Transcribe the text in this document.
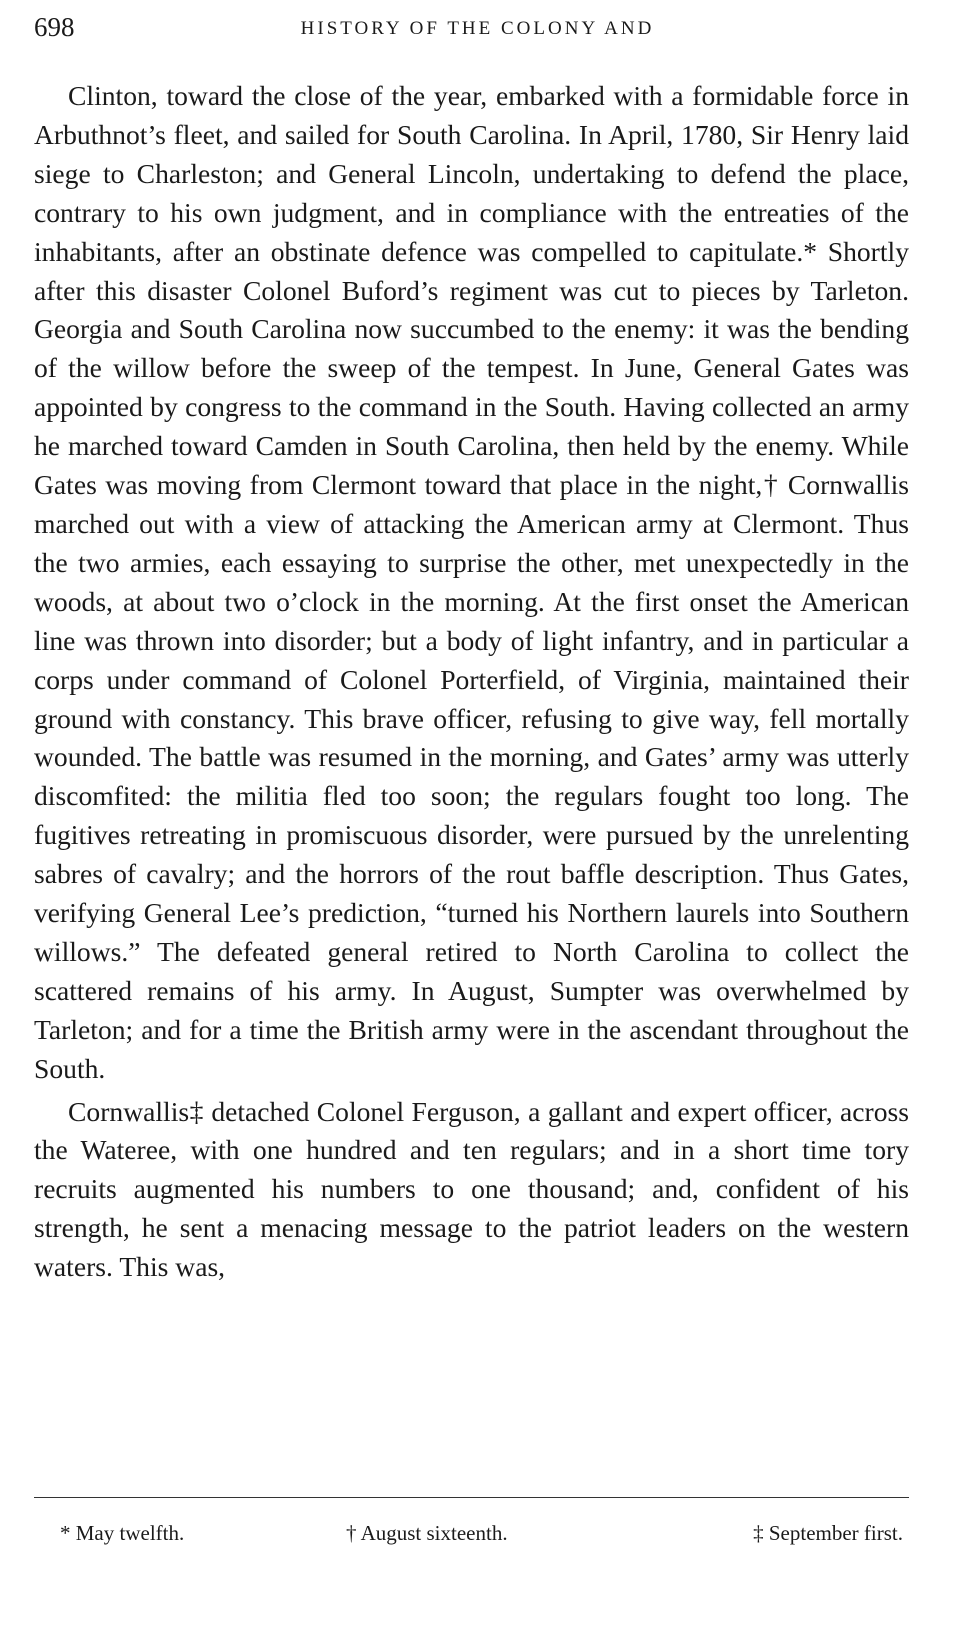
698	HISTORY OF THE COLONY AND

Clinton, toward the close of the year, embarked with a formidable force in Arbuthnot’s fleet, and sailed for South Carolina. In April, 1780, Sir Henry laid siege to Charleston; and General Lincoln, undertaking to defend the place, contrary to his own judgment, and in compliance with the entreaties of the inhabitants, after an obstinate defence was compelled to capitulate.* Shortly after this disaster Colonel Buford’s regiment was cut to pieces by Tarleton. Georgia and South Carolina now succumbed to the enemy: it was the bending of the willow before the sweep of the tempest. In June, General Gates was appointed by congress to the command in the South. Having collected an army he marched toward Camden in South Carolina, then held by the enemy. While Gates was moving from Clermont toward that place in the night,† Cornwallis marched out with a view of attacking the American army at Clermont. Thus the two armies, each essaying to surprise the other, met unexpectedly in the woods, at about two o’clock in the morning. At the first onset the American line was thrown into disorder; but a body of light infantry, and in particular a corps under command of Colonel Porterfield, of Virginia, maintained their ground with constancy. This brave officer, refusing to give way, fell mortally wounded. The battle was resumed in the morning, and Gates’ army was utterly discomfited: the militia fled too soon; the regulars fought too long. The fugitives retreating in promiscuous disorder, were pursued by the unrelenting sabres of cavalry; and the horrors of the rout baffle description. Thus Gates, verifying General Lee’s prediction, “turned his Northern laurels into Southern willows.” The defeated general retired to North Carolina to collect the scattered remains of his army. In August, Sumpter was overwhelmed by Tarleton; and for a time the British army were in the ascendant throughout the South.

Cornwallis‡ detached Colonel Ferguson, a gallant and expert officer, across the Wateree, with one hundred and ten regulars; and in a short time tory recruits augmented his numbers to one thousand; and, confident of his strength, he sent a menacing message to the patriot leaders on the western waters. This was,

* May twelfth.	† August sixteenth.	‡ September first.
